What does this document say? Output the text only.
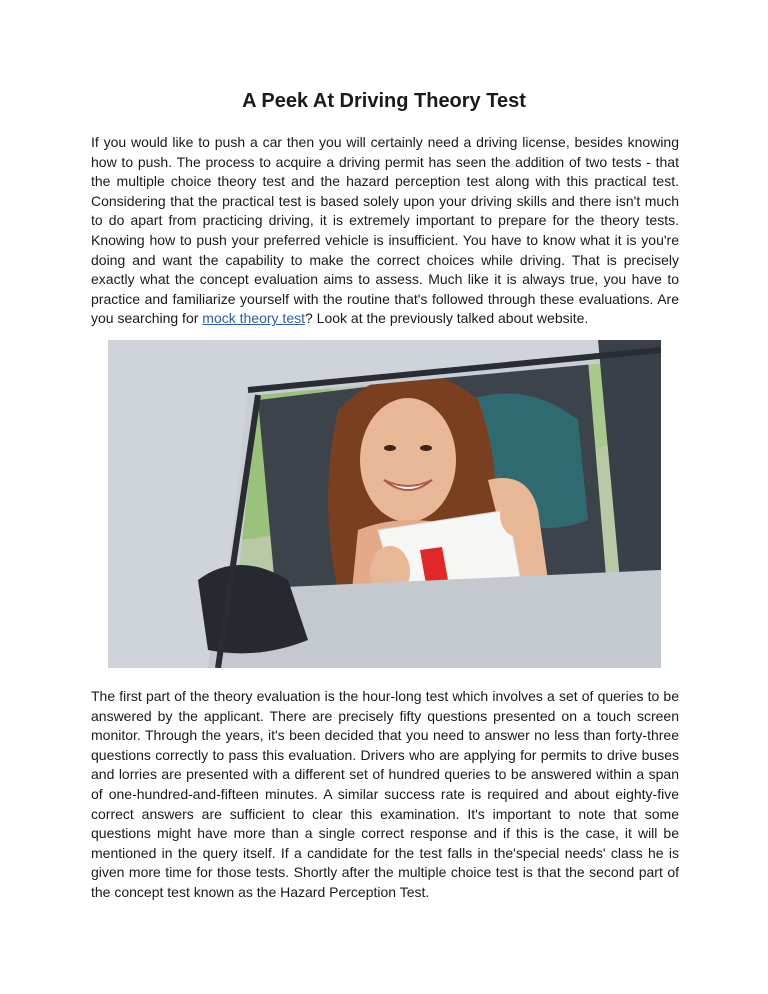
A Peek At Driving Theory Test

If you would like to push a car then you will certainly need a driving license, besides knowing how to push. The process to acquire a driving permit has seen the addition of two tests - that the multiple choice theory test and the hazard perception test along with this practical test. Considering that the practical test is based solely upon your driving skills and there isn't much to do apart from practicing driving, it is extremely important to prepare for the theory tests. Knowing how to push your preferred vehicle is insufficient. You have to know what it is you're doing and want the capability to make the correct choices while driving. That is precisely exactly what the concept evaluation aims to assess. Much like it is always true, you have to practice and familiarize yourself with the routine that's followed through these evaluations. Are you searching for mock theory test? Look at the previously talked about website.

The first part of the theory evaluation is the hour-long test which involves a set of queries to be answered by the applicant. There are precisely fifty questions presented on a touch screen monitor. Through the years, it's been decided that you need to answer no less than forty-three questions correctly to pass this evaluation. Drivers who are applying for permits to drive buses and lorries are presented with a different set of hundred queries to be answered within a span of one-hundred-and-fifteen minutes. A similar success rate is required and about eighty-five correct answers are sufficient to clear this examination. It's important to note that some questions might have more than a single correct response and if this is the case, it will be mentioned in the query itself. If a candidate for the test falls in the'special needs' class he is given more time for those tests. Shortly after the multiple choice test is that the second part of the concept test known as the Hazard Perception Test.
